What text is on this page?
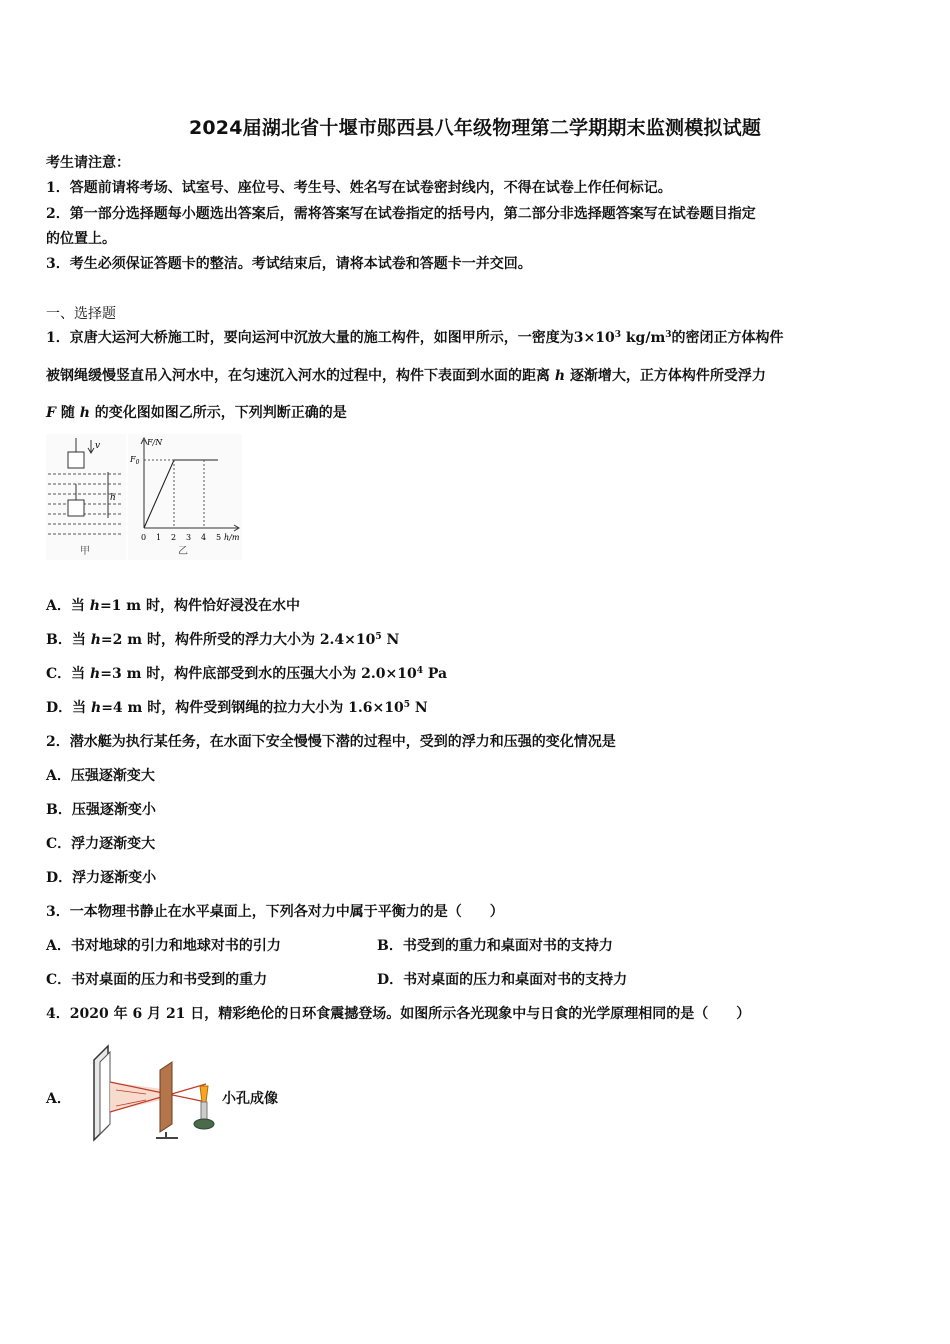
2024届湖北省十堰市郧西县八年级物理第二学期期末监测模拟试题
考生请注意：
1．答题前请将考场、试室号、座位号、考生号、姓名写在试卷密封线内，不得在试卷上作任何标记。
2．第一部分选择题每小题选出答案后，需将答案写在试卷指定的括号内，第二部分非选择题答案写在试卷题目指定
的位置上。
3．考生必须保证答题卡的整洁。考试结束后，请将本试卷和答题卡一并交回。
一、选择题
1．京唐大运河大桥施工时，要向运河中沉放大量的施工构件，如图甲所示，一密度为$3\times 10^3$ $kg/m^3$的密闭正方体构件
被钢绳缓慢竖直吊入河水中，在匀速沉入河水的过程中，构件下表面到水面的距离 h 逐渐增大，正方体构件所受浮力
F 随 h 的变化图如图乙所示，下列判断正确的是
v
h
甲
F/N
$F_0$
0 1 2 3 4 5 h/m
乙
A．当 h=1 m 时，构件恰好浸没在水中
B．当 h=2 m 时，构件所受的浮力大小为 $2.4\times 10^5$ N
C．当 h=3 m 时，构件底部受到水的压强大小为 $2.0\times 10^4$ Pa
D．当 h=4 m 时，构件受到钢绳的拉力大小为 $1.6\times 10^5$ N
2．潜水艇为执行某任务，在水面下安全慢慢下潜的过程中，受到的浮力和压强的变化情况是
A．压强逐渐变大
B．压强逐渐变小
C．浮力逐渐变大
D．浮力逐渐变小
3．一本物理书静止在水平桌面上，下列各对力中属于平衡力的是（　　）
A．书对地球的引力和地球对书的引力	B．书受到的重力和桌面对书的支持力
C．书对桌面的压力和书受到的重力	D．书对桌面的压力和桌面对书的支持力
4．2020 年 6 月 21 日，精彩绝伦的日环食震撼登场。如图所示各光现象中与日食的光学原理相同的是（　　）
A．	小孔成像
